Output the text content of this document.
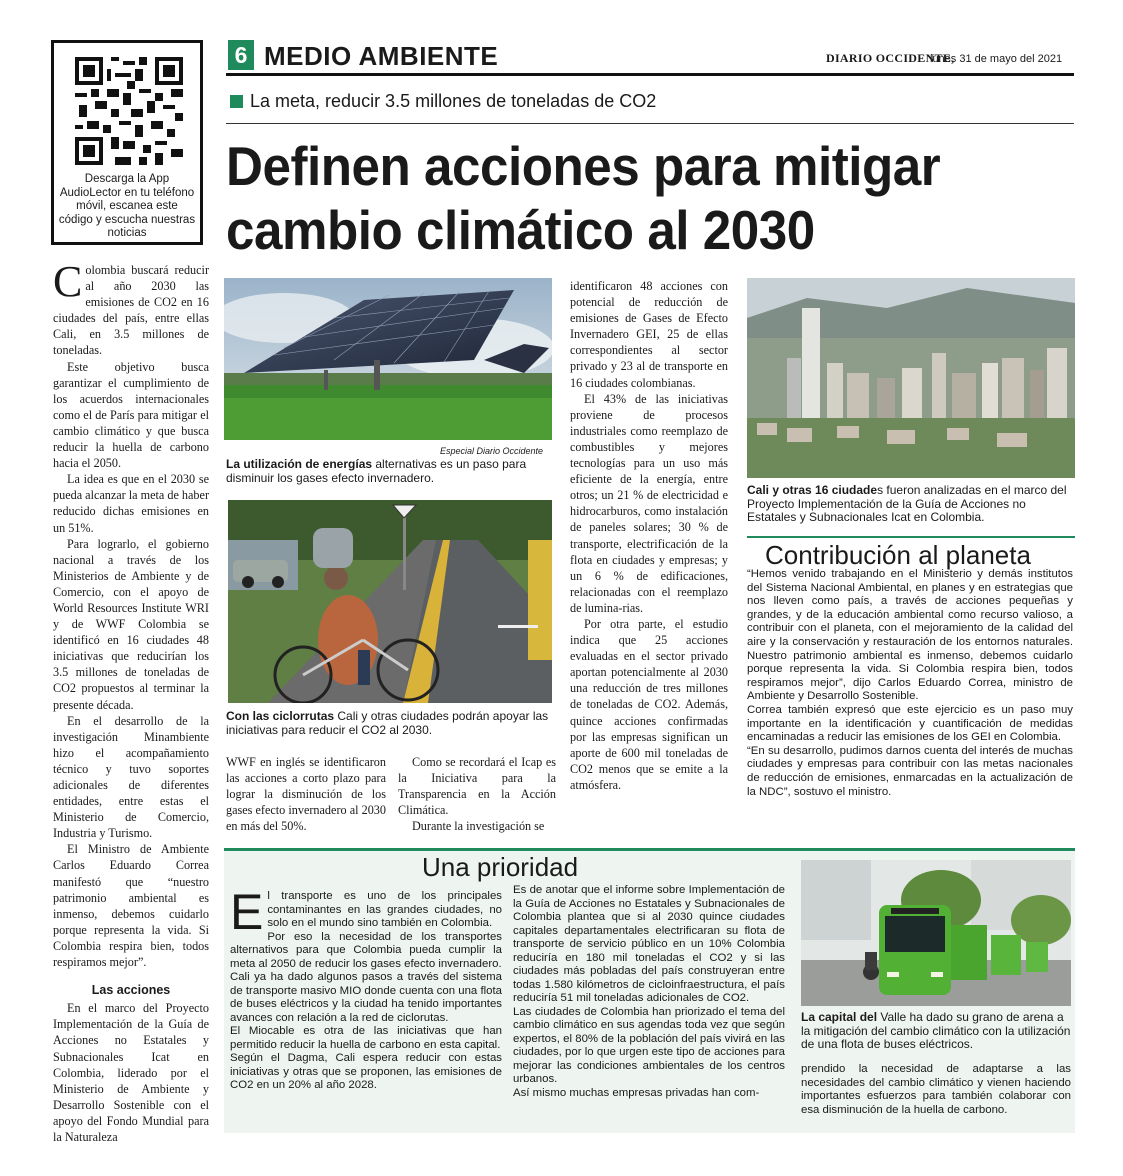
Descarga la App AudioLector en tu teléfono móvil, escanea este código y escucha nuestras noticias
6 MEDIO AMBIENTE	DIARIO OCCIDENTE,
lunes 31 de mayo del 2021
La meta, reducir 3.5 millones de toneladas de CO2
Definen acciones para mitigar
cambio climático al 2030

Colombia buscará reducir al año 2030 las emisiones de CO2 en 16 ciudades del país, entre ellas Cali, en 3.5 millones de toneladas.

Este objetivo busca garantizar el cumplimiento de los acuerdos internacionales como el de París para mitigar el cambio climático y que busca reducir la huella de carbono hacia el 2050.

La idea es que en el 2030 se pueda alcanzar la meta de haber reducido dichas emisiones en un 51%.

Para lograrlo, el gobierno nacional a través de los Ministerios de Ambiente y de Comercio, con el apoyo de World Resources Institute WRI y de WWF Colombia se identificó en 16 ciudades 48 iniciativas que reducirían los 3.5 millones de toneladas de CO2 propuestos al terminar la presente década.

En el desarrollo de la investigación Minambiente hizo el acompañamiento técnico y tuvo soportes adicionales de diferentes entidades, entre estas el Ministerio de Comercio, Industria y Turismo.

El Ministro de Ambiente Carlos Eduardo Correa manifestó que “nuestro patrimonio ambiental es inmenso, debemos cuidarlo porque representa la vida. Si Colombia respira bien, todos respiramos mejor”.

Las acciones

En el marco del Proyecto Implementación de la Guía de Acciones no Estatales y Subnacionales Icat en Colombia, liderado por el Ministerio de Ambiente y Desarrollo Sostenible con el apoyo del Fondo Mundial para la Naturaleza

Especial Diario Occidente
La utilización de energías alternativas es un paso para disminuir los gases efecto invernadero.
Con las ciclorrutas Cali y otras ciudades podrán apoyar las iniciativas para reducir el CO2 al 2030.

WWF en inglés se identificaron las acciones a corto plazo para lograr la disminución de los gases efecto invernadero al 2030 en más del 50%.

Como se recordará el Icap es la Iniciativa para la Transparencia en la Acción Climática.

Durante la investigación se

identificaron 48 acciones con potencial de reducción de emisiones de Gases de Efecto Invernadero GEI, 25 de ellas correspondientes al sector privado y 23 al de transporte en 16 ciudades colombianas.

El 43% de las iniciativas proviene de procesos industriales como reemplazo de combustibles y mejores tecnologías para un uso más eficiente de la energía, entre otros; un 21 % de electricidad e hidrocarburos, como instalación de paneles solares; 30 % de transporte, electrificación de la flota en ciudades y empresas; y un 6 % de edificaciones, relacionadas con el reemplazo de lumina-rias.

Por otra parte, el estudio indica que 25 acciones evaluadas en el sector privado aportan potencialmente al 2030 una reducción de tres millones de toneladas de CO2. Además, quince acciones confirmadas por las empresas significan un aporte de 600 mil toneladas de CO2 menos que se emite a la atmósfera.

Cali y otras 16 ciudades fueron analizadas en el marco del Proyecto Implementación de la Guía de Acciones no Estatales y Subnacionales Icat en Colombia.
Contribución al planeta

“Hemos venido trabajando en el Ministerio y demás institutos del Sistema Nacional Ambiental, en planes y en estrategias que nos lleven como país, a través de acciones pequeñas y grandes, y de la educación ambiental como recurso valioso, a contribuir con el planeta, con el mejoramiento de la calidad del aire y la conservación y restauración de los entornos naturales. Nuestro patrimonio ambiental es inmenso, debemos cuidarlo porque representa la vida. Si Colombia respira bien, todos respiramos mejor”, dijo Carlos Eduardo Correa, ministro de Ambiente y Desarrollo Sostenible.

Correa también expresó que este ejercicio es un paso muy importante en la identificación y cuantificación de medidas encaminadas a reducir las emisiones de los GEI en Colombia.

“En su desarrollo, pudimos darnos cuenta del interés de muchas ciudades y empresas para contribuir con las metas nacionales de reducción de emisiones, enmarcadas en la actualización de la NDC”, sostuvo el ministro.

Una prioridad

El transporte es uno de los principales contaminantes en las grandes ciudades, no solo en el mundo sino también en Colombia.

Por eso la necesidad de los transportes alternativos para que Colombia pueda cumplir la meta al 2050 de reducir los gases efecto invernadero.

Cali ya ha dado algunos pasos a través del sistema de transporte masivo MIO donde cuenta con una flota de buses eléctricos y la ciudad ha tenido importantes avances con relación a la red de ciclorutas.

El Miocable es otra de las iniciativas que han permitido reducir la huella de carbono en esta capital.

Según el Dagma, Cali espera reducir con estas iniciativas y otras que se proponen, las emisiones de CO2 en un 20% al año 2028.

Es de anotar que el informe sobre Implementación de la Guía de Acciones no Estatales y Subnacionales de Colombia plantea que si al 2030 quince ciudades capitales departamentales electrificaran su flota de transporte de servicio público en un 10% Colombia reduciría en 180 mil toneladas el CO2 y si las ciudades más pobladas del país construyeran entre todas 1.580 kilómetros de cicloinfraestructura, el país reduciría 51 mil toneladas adicionales de CO2.

Las ciudades de Colombia han priorizado el tema del cambio climático en sus agendas toda vez que según expertos, el 80% de la población del país vivirá en las ciudades, por lo que urgen este tipo de acciones para mejorar las condiciones ambientales de los centros urbanos.

Así mismo muchas empresas privadas han com-

La capital del Valle ha dado su grano de arena a la mitigación del cambio climático con la utilización de una flota de buses eléctricos.

prendido la necesidad de adaptarse a las necesidades del cambio climático y vienen haciendo importantes esfuerzos para también colaborar con esa disminución de la huella de carbono.
